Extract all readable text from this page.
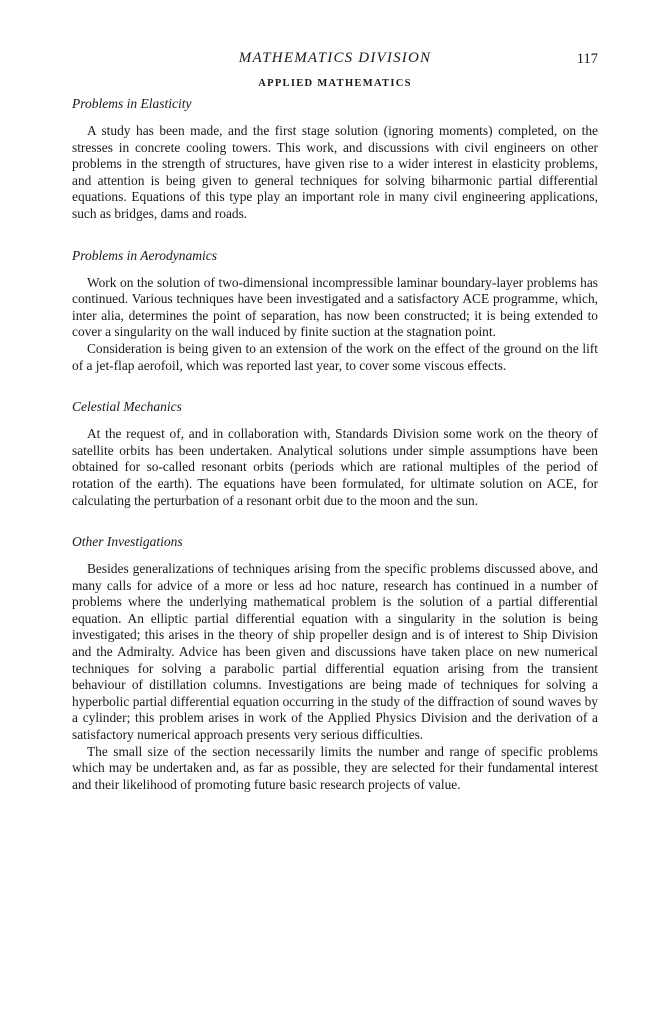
MATHEMATICS DIVISION	117
APPLIED MATHEMATICS
Problems in Elasticity

A study has been made, and the first stage solution (ignoring moments) completed, on the stresses in concrete cooling towers. This work, and discussions with civil engineers on other problems in the strength of structures, have given rise to a wider interest in elasticity problems, and attention is being given to general techniques for solving biharmonic partial differential equations. Equations of this type play an important role in many civil engineering applications, such as bridges, dams and roads.

Problems in Aerodynamics

Work on the solution of two-dimensional incompressible laminar boundary-layer problems has continued. Various techniques have been investigated and a satisfactory ACE programme, which, inter alia, determines the point of separation, has now been constructed; it is being extended to cover a singularity on the wall induced by finite suction at the stagnation point.

Consideration is being given to an extension of the work on the effect of the ground on the lift of a jet-flap aerofoil, which was reported last year, to cover some viscous effects.

Celestial Mechanics

At the request of, and in collaboration with, Standards Division some work on the theory of satellite orbits has been undertaken. Analytical solutions under simple assumptions have been obtained for so-called resonant orbits (periods which are rational multiples of the period of rotation of the earth). The equations have been formulated, for ultimate solution on ACE, for calculating the perturbation of a resonant orbit due to the moon and the sun.

Other Investigations

Besides generalizations of techniques arising from the specific problems discussed above, and many calls for advice of a more or less ad hoc nature, research has continued in a number of problems where the underlying mathematical problem is the solution of a partial differential equation. An elliptic partial differential equation with a singularity in the solution is being investigated; this arises in the theory of ship propeller design and is of interest to Ship Division and the Admiralty. Advice has been given and discussions have taken place on new numerical techniques for solving a parabolic partial differential equation arising from the transient behaviour of distillation columns. Investigations are being made of techniques for solving a hyperbolic partial differential equation occurring in the study of the diffraction of sound waves by a cylinder; this problem arises in work of the Applied Physics Division and the derivation of a satisfactory numerical approach presents very serious difficulties.

The small size of the section necessarily limits the number and range of specific problems which may be undertaken and, as far as possible, they are selected for their fundamental interest and their likelihood of promoting future basic research projects of value.
